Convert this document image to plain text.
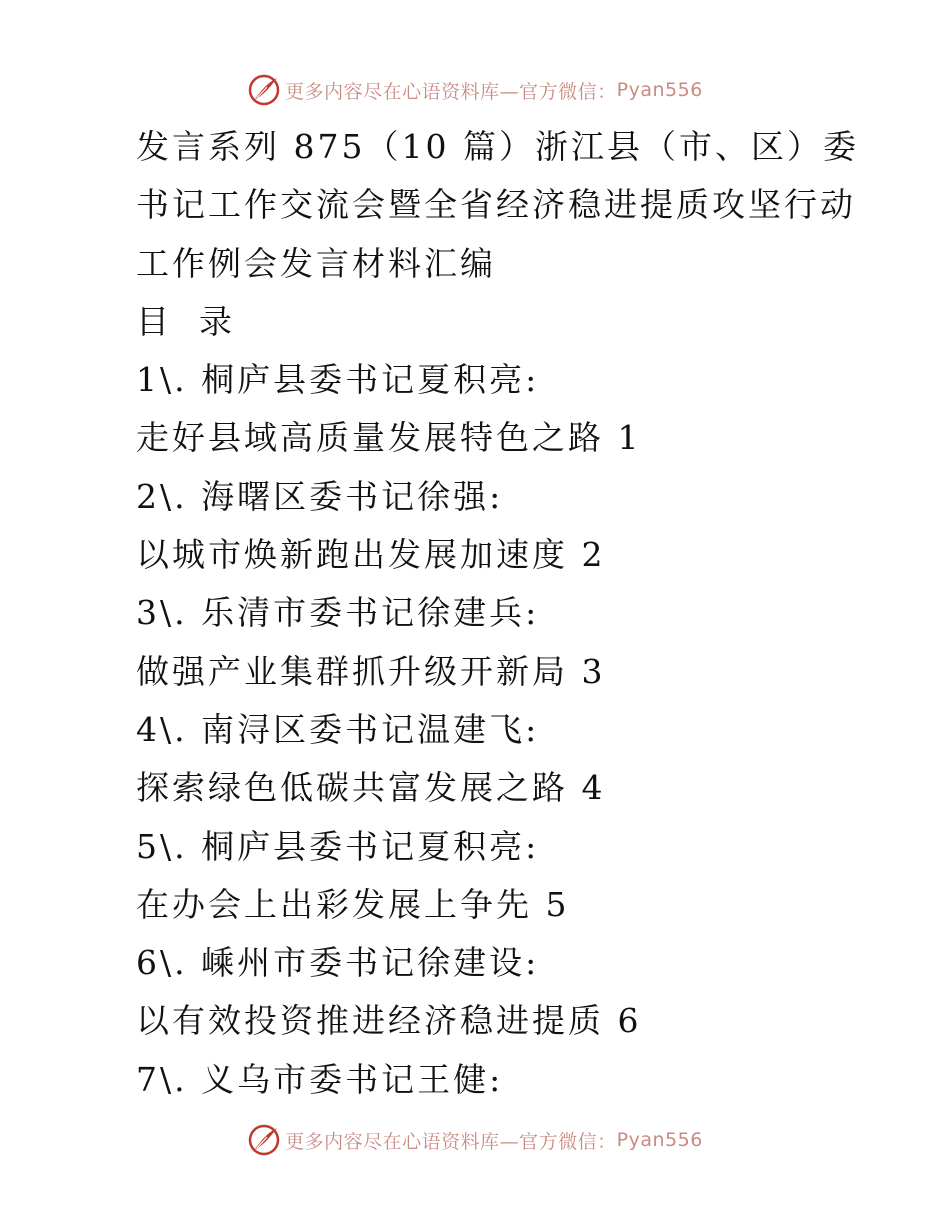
更多内容尽在心语资料库—官方微信： Pyan556
发言系列 875（10 篇）浙江县（市、区）委
书记工作交流会暨全省经济稳进提质攻坚行动
工作例会发言材料汇编
目  录
1\. 桐庐县委书记夏积亮:
走好县域高质量发展特色之路 1
2\. 海曙区委书记徐强:
以城市焕新跑出发展加速度 2
3\. 乐清市委书记徐建兵:
做强产业集群抓升级开新局 3
4\. 南浔区委书记温建飞:
探索绿色低碳共富发展之路 4
5\. 桐庐县委书记夏积亮:
在办会上出彩发展上争先 5
6\. 嵊州市委书记徐建设:
以有效投资推进经济稳进提质 6
7\. 义乌市委书记王健:
更多内容尽在心语资料库—官方微信： Pyan556
